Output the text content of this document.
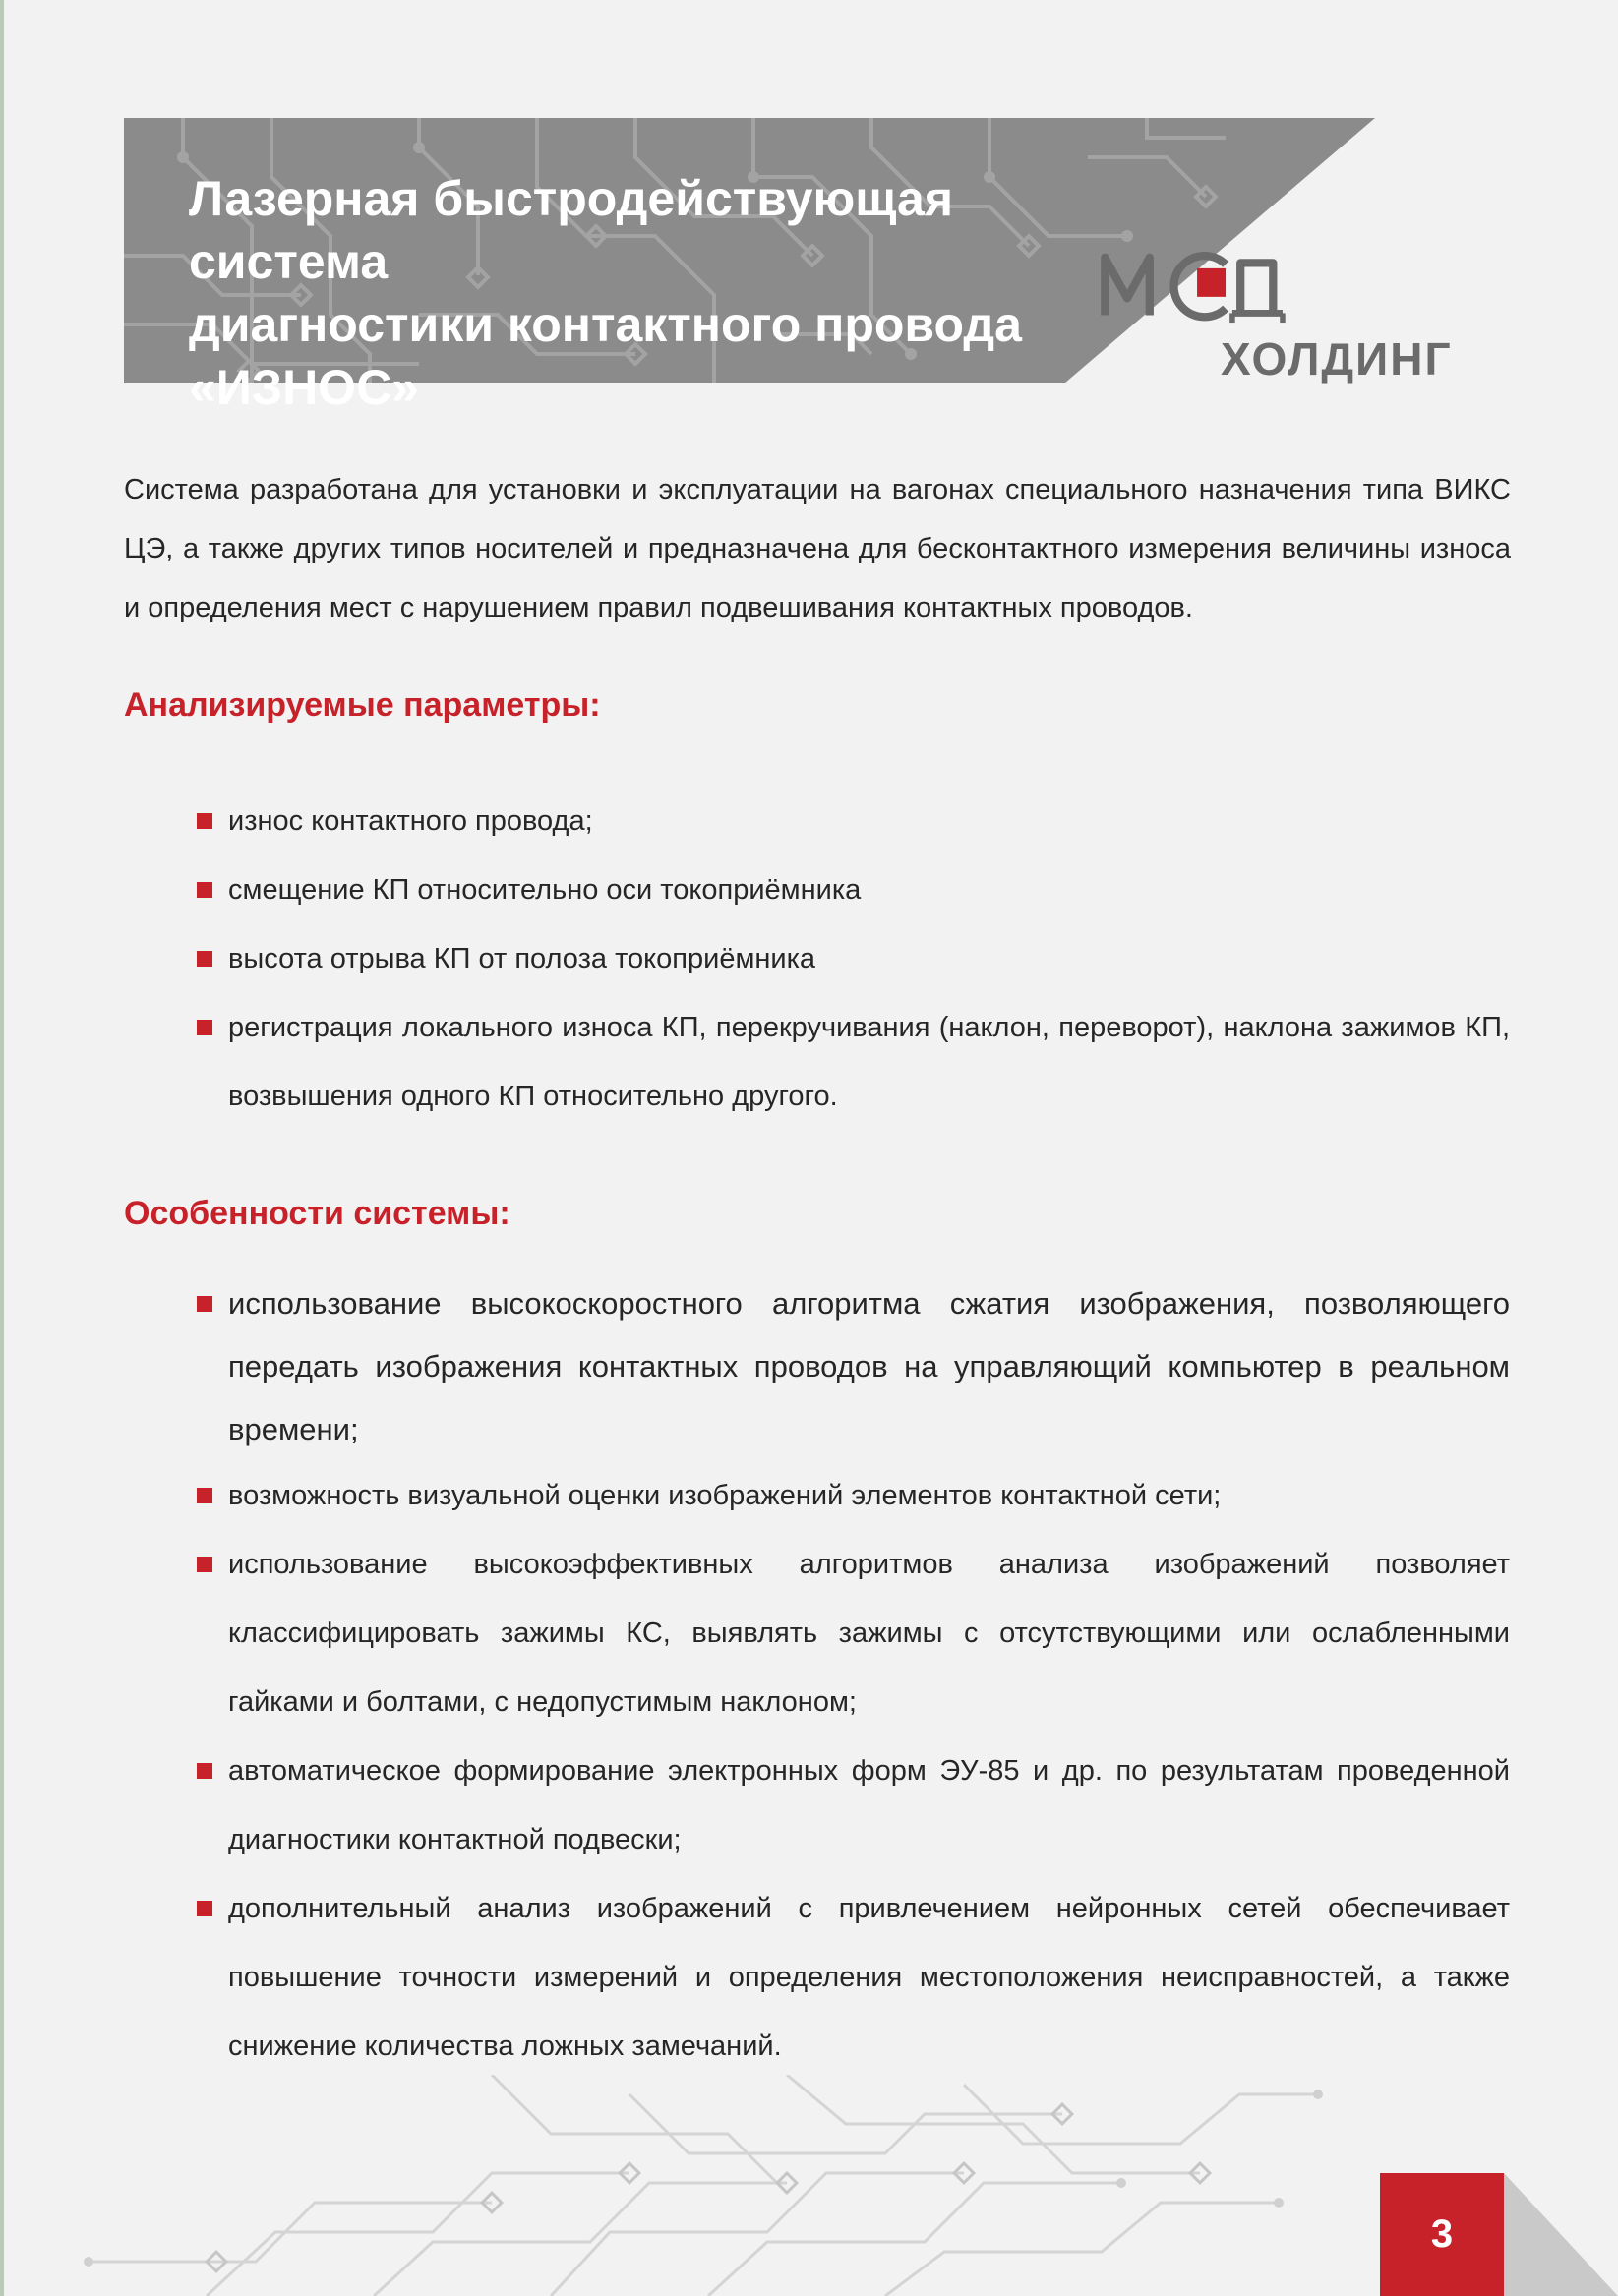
Лазерная быстродействующая система
диагностики контактного провода
«ИЗНОС»
ХОЛДИНГ

Система разработана для установки и эксплуатации на вагонах специального назначения типа ВИКС ЦЭ, а также других типов носителей и предназначена для бесконтактного измерения величины износа и определения мест с нарушением правил подвешивания контактных проводов.

Анализируемые параметры:
износ контактного провода;
смещение КП относительно оси токоприёмника
высота отрыва КП от полоза токоприёмника
регистрация локального износа КП, перекручивания (наклон, переворот), наклона зажимов КП, возвышения одного КП относительно другого.
Особенности системы:
использование высокоскоростного алгоритма сжатия изображения, позволяющего передать изображения контактных проводов на управляющий компьютер в реальном времени;
возможность визуальной оценки изображений элементов контактной сети;
использование высокоэффективных алгоритмов анализа изображений позволяет классифицировать зажимы КС, выявлять зажимы с отсутствующими или ослабленными гайками и болтами, с недопустимым наклоном;
автоматическое формирование электронных форм ЭУ-85 и др. по результатам проведенной диагностики контактной подвески;
дополнительный анализ изображений с привлечением нейронных сетей обеспечивает повышение точности измерений и определения местоположения неисправностей, а также снижение количества ложных замечаний.
3
